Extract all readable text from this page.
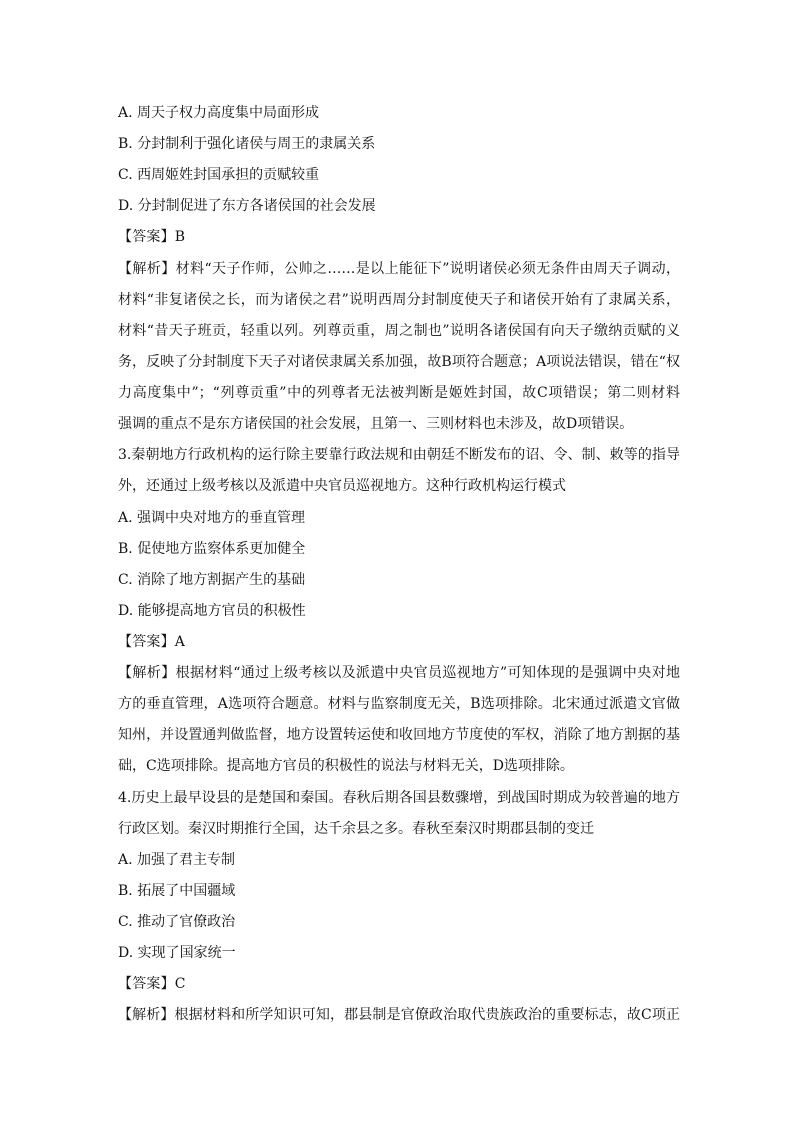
A. 周天子权力高度集中局面形成
B. 分封制利于强化诸侯与周王的隶属关系
C. 西周姬姓封国承担的贡赋较重
D. 分封制促进了东方各诸侯国的社会发展
【答案】B
【解析】材料“天子作师，公帅之……是以上能征下”说明诸侯必须无条件由周天子调动，
材料“非复诸侯之长，而为诸侯之君”说明西周分封制度使天子和诸侯开始有了隶属关系，
材料“昔天子班贡，轻重以列。列尊贡重，周之制也”说明各诸侯国有向天子缴纳贡赋的义
务，反映了分封制度下天子对诸侯隶属关系加强，故B项符合题意；A项说法错误，错在“权
力高度集中”；“列尊贡重”中的列尊者无法被判断是姬姓封国，故C项错误；第二则材料
强调的重点不是东方诸侯国的社会发展，且第一、三则材料也未涉及，故D项错误。
3.秦朝地方行政机构的运行除主要靠行政法规和由朝廷不断发布的诏、令、制、敕等的指导
外，还通过上级考核以及派遣中央官员巡视地方。这种行政机构运行模式
A. 强调中央对地方的垂直管理
B. 促使地方监察体系更加健全
C. 消除了地方割据产生的基础
D. 能够提高地方官员的积极性
【答案】A
【解析】根据材料“通过上级考核以及派遣中央官员巡视地方”可知体现的是强调中央对地
方的垂直管理，A选项符合题意。材料与监察制度无关，B选项排除。北宋通过派遣文官做
知州，并设置通判做监督，地方设置转运使和收回地方节度使的军权，消除了地方割据的基
础，C选项排除。提高地方官员的积极性的说法与材料无关，D选项排除。
4.历史上最早设县的是楚国和秦国。春秋后期各国县数骤增，到战国时期成为较普遍的地方
行政区划。秦汉时期推行全国，达千余县之多。春秋至秦汉时期郡县制的变迁
A. 加强了君主专制
B. 拓展了中国疆域
C. 推动了官僚政治
D. 实现了国家统一
【答案】C
【解析】根据材料和所学知识可知，郡县制是官僚政治取代贵族政治的重要标志，故C项正
